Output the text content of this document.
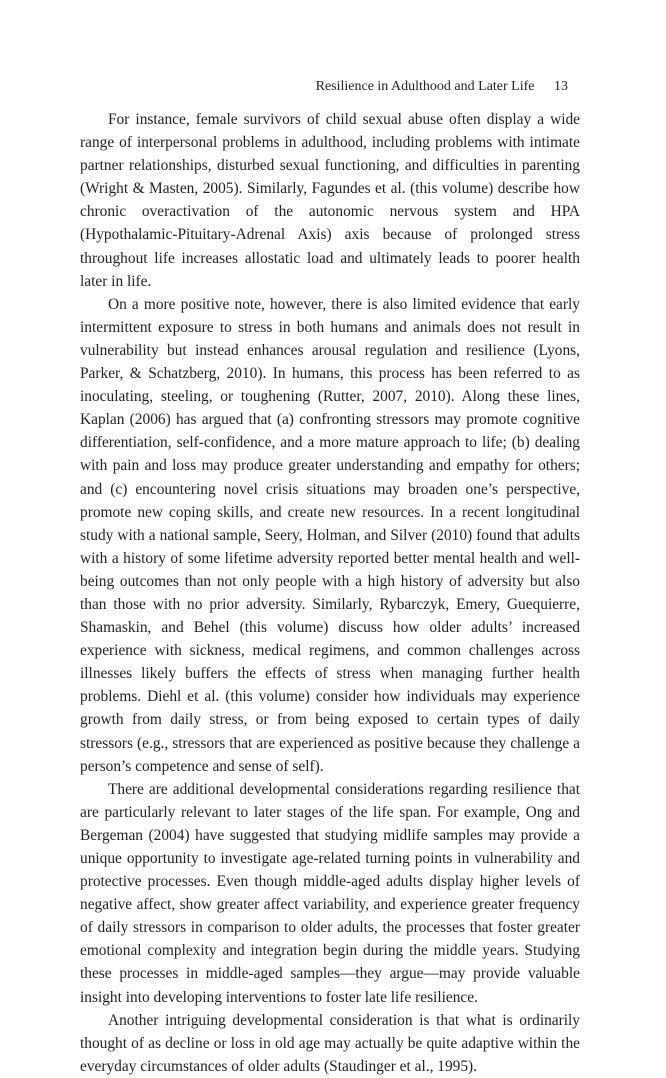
Resilience in Adulthood and Later Life 13

For instance, female survivors of child sexual abuse often display a wide range of interpersonal problems in adulthood, including problems with intimate partner relationships, disturbed sexual functioning, and difficulties in parenting (Wright & Masten, 2005). Similarly, Fagundes et al. (this volume) describe how chronic overactivation of the autonomic nervous system and HPA (Hypothalamic-Pituitary-Adrenal Axis) axis because of prolonged stress throughout life increases allostatic load and ultimately leads to poorer health later in life.

On a more positive note, however, there is also limited evidence that early intermittent exposure to stress in both humans and animals does not result in vulnerability but instead enhances arousal regulation and resilience (Lyons, Parker, & Schatzberg, 2010). In humans, this process has been referred to as inoculating, steeling, or toughening (Rutter, 2007, 2010). Along these lines, Kaplan (2006) has argued that (a) confronting stressors may promote cognitive differentiation, self-confidence, and a more mature approach to life; (b) dealing with pain and loss may produce greater understanding and empathy for others; and (c) encountering novel crisis situations may broaden one’s perspective, promote new coping skills, and create new resources. In a recent longitudinal study with a national sample, Seery, Holman, and Silver (2010) found that adults with a history of some lifetime adversity reported better mental health and well-being outcomes than not only people with a high history of adversity but also than those with no prior adversity. Similarly, Rybarczyk, Emery, Guequierre, Shamaskin, and Behel (this volume) discuss how older adults’ increased experience with sickness, medical regimens, and common challenges across illnesses likely buffers the effects of stress when managing further health problems. Diehl et al. (this volume) consider how individuals may experience growth from daily stress, or from being exposed to certain types of daily stressors (e.g., stressors that are experienced as positive because they challenge a person’s competence and sense of self).

There are additional developmental considerations regarding resilience that are particularly relevant to later stages of the life span. For example, Ong and Bergeman (2004) have suggested that studying midlife samples may provide a unique opportunity to investigate age-related turning points in vulnerability and protective processes. Even though middle-aged adults display higher levels of negative affect, show greater affect variability, and experience greater frequency of daily stressors in comparison to older adults, the processes that foster greater emotional complexity and integration begin during the middle years. Studying these processes in middle-aged samples—they argue—may provide valuable insight into developing interventions to foster late life resilience.

Another intriguing developmental consideration is that what is ordinarily thought of as decline or loss in old age may actually be quite adaptive within the everyday circumstances of older adults (Staudinger et al., 1995).
